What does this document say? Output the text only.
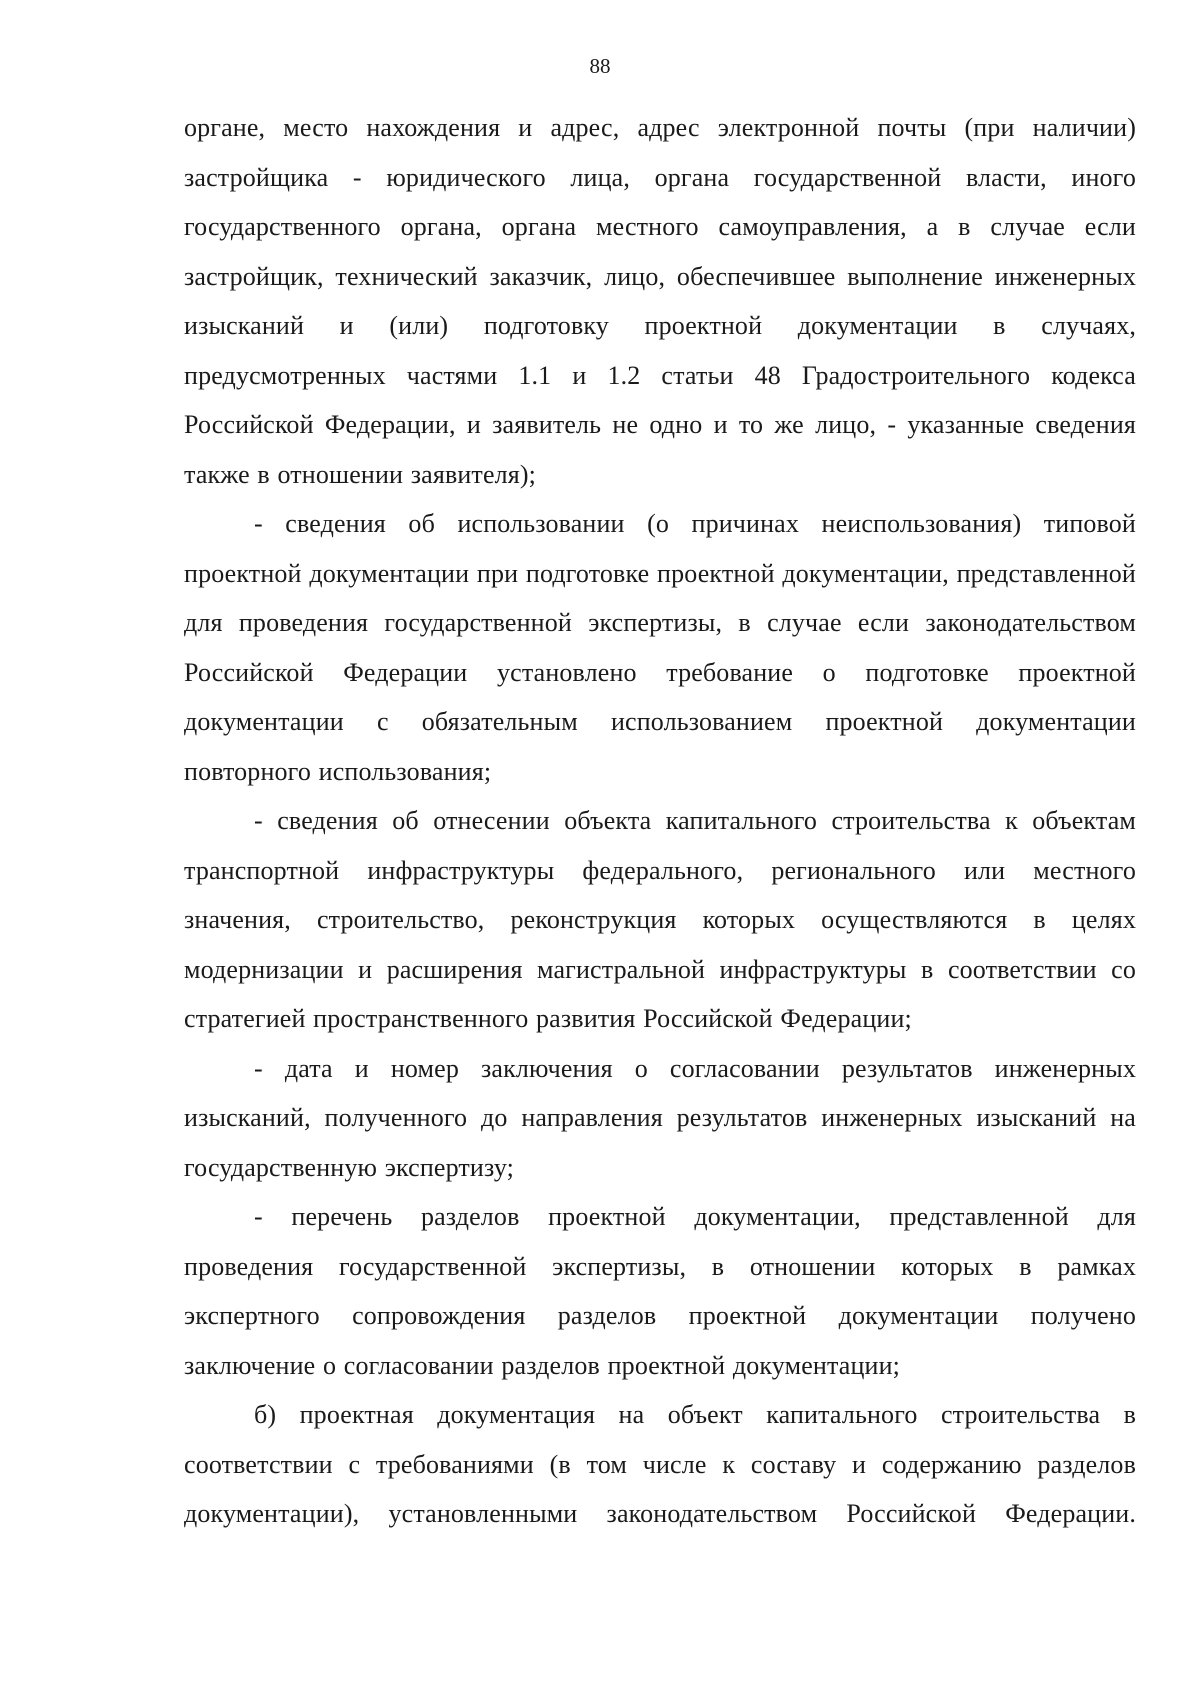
88

органе, место нахождения и адрес, адрес электронной почты (при наличии) застройщика - юридического лица, органа государственной власти, иного государственного органа, органа местного самоуправления, а в случае если застройщик, технический заказчик, лицо, обеспечившее выполнение инженерных изысканий и (или) подготовку проектной документации в случаях, предусмотренных частями 1.1 и 1.2 статьи 48 Градостроительного кодекса Российской Федерации, и заявитель не одно и то же лицо, - указанные сведения также в отношении заявителя);

- сведения об использовании (о причинах неиспользования) типовой проектной документации при подготовке проектной документации, представленной для проведения государственной экспертизы, в случае если законодательством Российской Федерации установлено требование о подготовке проектной документации с обязательным использованием проектной документации повторного использования;

- сведения об отнесении объекта капитального строительства к объектам транспортной инфраструктуры федерального, регионального или местного значения, строительство, реконструкция которых осуществляются в целях модернизации и расширения магистральной инфраструктуры в соответствии со стратегией пространственного развития Российской Федерации;

- дата и номер заключения о согласовании результатов инженерных изысканий, полученного до направления результатов инженерных изысканий на государственную экспертизу;

- перечень разделов проектной документации, представленной для проведения государственной экспертизы, в отношении которых в рамках экспертного сопровождения разделов проектной документации получено заключение о согласовании разделов проектной документации;

б) проектная документация на объект капитального строительства в соответствии с требованиями (в том числе к составу и содержанию разделов документации), установленными законодательством Российской Федерации.
